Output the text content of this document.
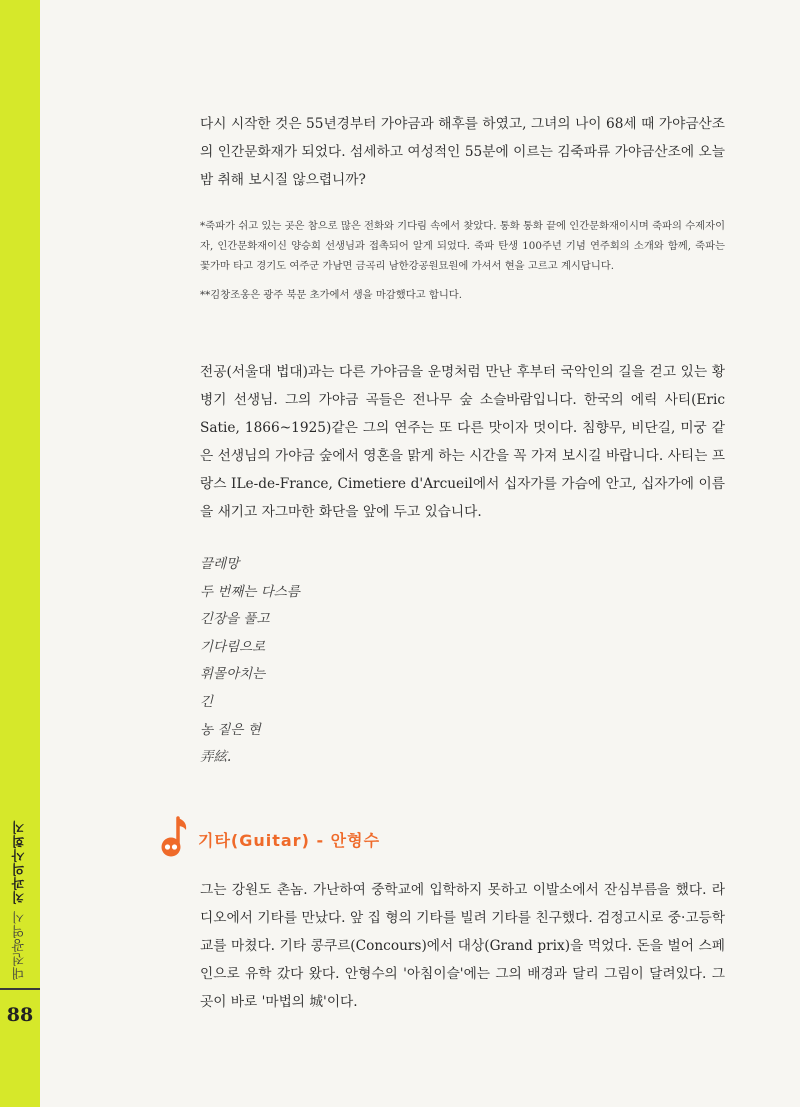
대전광역시
치과의사회지
88

다시 시작한 것은 55년경부터 가야금과 해후를 하였고, 그녀의 나이 68세 때 가야금산조의 인간문화재가 되었다. 섬세하고 여성적인 55분에 이르는 김죽파류 가야금산조에 오늘밤 취해 보시질 않으렵니까?

*죽파가 쉬고 있는 곳은 참으로 많은 전화와 기다림 속에서 찾았다. 통화 통화 끝에 인간문화재이시며 죽파의 수제자이자, 인간문화재이신 양승희 선생님과 접촉되어 알게 되었다. 죽파 탄생 100주년 기념 연주회의 소개와 함께, 죽파는 꽃가마 타고 경기도 여주군 가남면 금곡리 남한강공원묘원에 가셔서 현을 고르고 계시답니다.

**김창조옹은 광주 북문 초가에서 생을 마감했다고 합니다.

전공(서울대 법대)과는 다른 가야금을 운명처럼 만난 후부터 국악인의 길을 걷고 있는 황병기 선생님. 그의 가야금 곡들은 전나무 숲 소슬바람입니다. 한국의 에릭 사티(Eric Satie, 1866~1925)같은 그의 연주는 또 다른 맛이자 멋이다. 침향무, 비단길, 미궁 같은 선생님의 가야금 숲에서 영혼을 맑게 하는 시간을 꼭 가져 보시길 바랍니다. 사티는 프랑스 ILe-de-France, Cimetiere d'Arcueil에서 십자가를 가슴에 안고, 십자가에 이름을 새기고 자그마한 화단을 앞에 두고 있습니다.

끌레망

두 번째는 다스름

긴장을 풀고

기다림으로

휘몰아치는

긴

농 짙은 현

弄絃.

기타(Guitar) - 안형수

그는 강원도 촌놈. 가난하여 중학교에 입학하지 못하고 이발소에서 잔심부름을 했다. 라디오에서 기타를 만났다. 앞 집 형의 기타를 빌려 기타를 친구했다. 검정고시로 중·고등학교를 마쳤다. 기타 콩쿠르(Concours)에서 대상(Grand prix)을 먹었다. 돈을 벌어 스페인으로 유학 갔다 왔다. 안형수의 '아침이슬'에는 그의 배경과 달리 그림이 달려있다. 그 곳이 바로 '마법의 城'이다.
